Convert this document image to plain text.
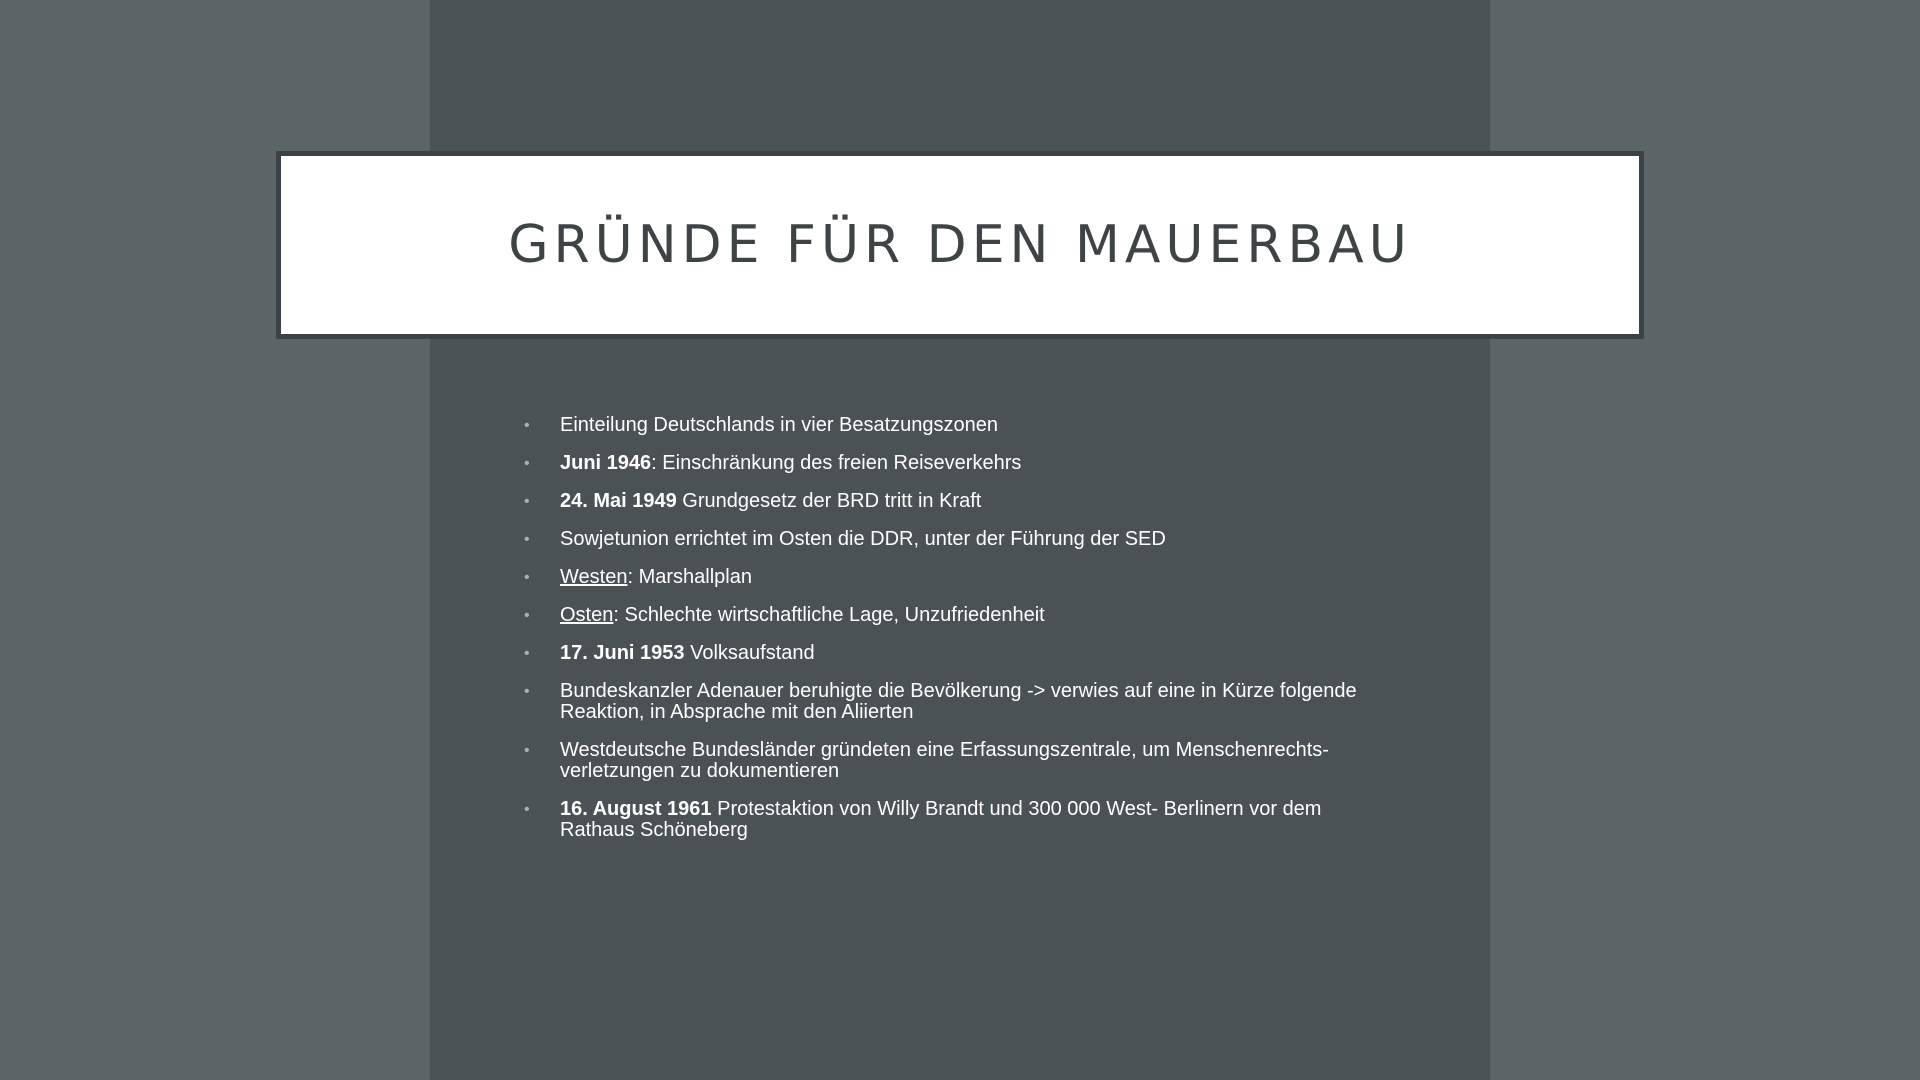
GRÜNDE FÜR DEN MAUERBAU
• Einteilung Deutschlands in vier Besatzungszonen
• Juni 1946: Einschränkung des freien Reiseverkehrs
• 24. Mai 1949 Grundgesetz der BRD tritt in Kraft
• Sowjetunion errichtet im Osten die DDR, unter der Führung der SED
• Westen: Marshallplan
• Osten: Schlechte wirtschaftliche Lage, Unzufriedenheit
• 17. Juni 1953 Volksaufstand
• Bundeskanzler Adenauer beruhigte die Bevölkerung -> verwies auf eine in Kürze folgende Reaktion, in Absprache mit den Aliierten
• Westdeutsche Bundesländer gründeten eine Erfassungszentrale, um Menschenrechts-verletzungen zu dokumentieren
• 16. August 1961 Protestaktion von Willy Brandt und 300 000 West- Berlinern vor dem Rathaus Schöneberg
